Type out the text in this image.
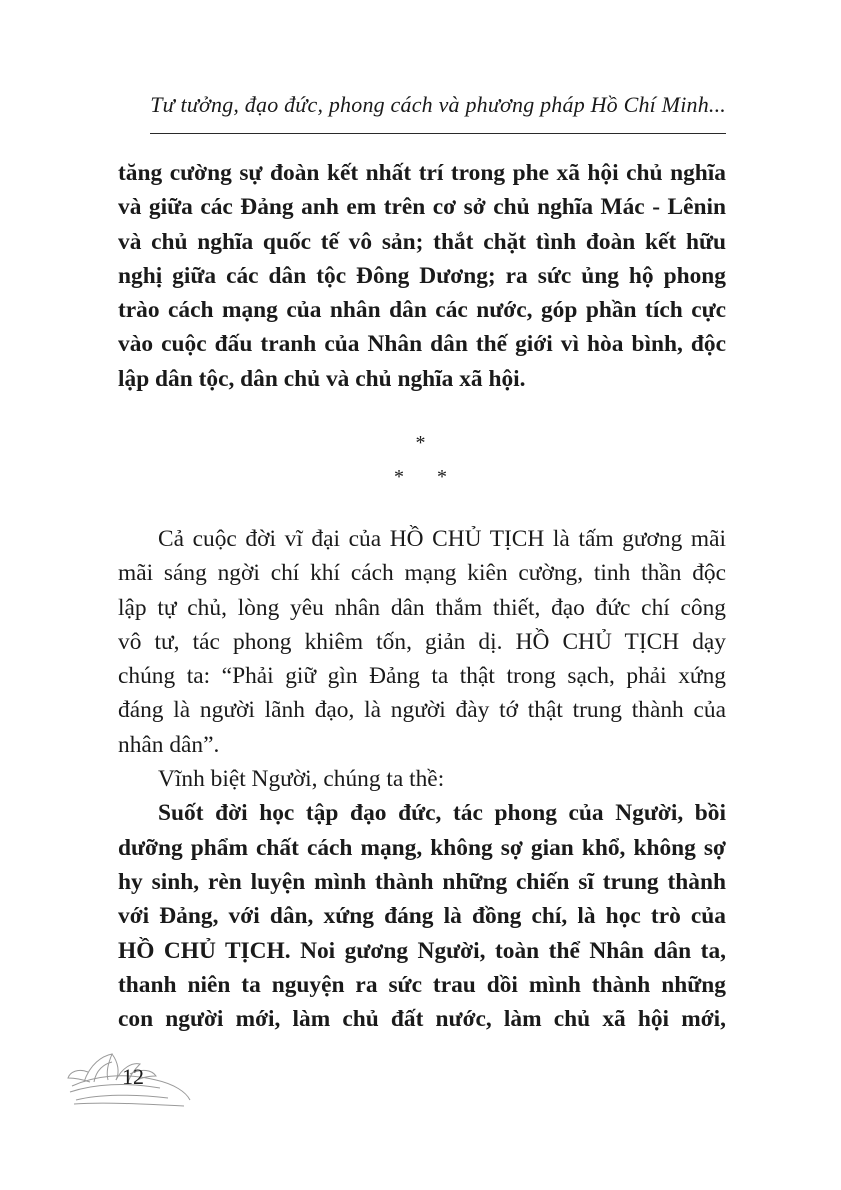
Tư tưởng, đạo đức, phong cách và phương pháp Hồ Chí Minh...
tăng cường sự đoàn kết nhất trí trong phe xã hội chủ nghĩa
và giữa các Đảng anh em trên cơ sở chủ nghĩa Mác - Lênin
và chủ nghĩa quốc tế vô sản; thắt chặt tình đoàn kết hữu
nghị giữa các dân tộc Đông Dương; ra sức ủng hộ phong
trào cách mạng của nhân dân các nước, góp phần tích cực
vào cuộc đấu tranh của Nhân dân thế giới vì hòa bình, độc
lập dân tộc, dân chủ và chủ nghĩa xã hội.
*
* *
Cả cuộc đời vĩ đại của HỒ CHỦ TỊCH là tấm gương mãi
mãi sáng ngời chí khí cách mạng kiên cường, tinh thần độc
lập tự chủ, lòng yêu nhân dân thắm thiết, đạo đức chí công
vô tư, tác phong khiêm tốn, giản dị. HỒ CHỦ TỊCH dạy
chúng ta: “Phải giữ gìn Đảng ta thật trong sạch, phải xứng
đáng là người lãnh đạo, là người đày tớ thật trung thành của
nhân dân”.
Vĩnh biệt Người, chúng ta thề:
Suốt đời học tập đạo đức, tác phong của Người, bồi
dưỡng phẩm chất cách mạng, không sợ gian khổ, không sợ
hy sinh, rèn luyện mình thành những chiến sĩ trung thành
với Đảng, với dân, xứng đáng là đồng chí, là học trò của
HỒ CHỦ TỊCH. Noi gương Người, toàn thể Nhân dân ta,
thanh niên ta nguyện ra sức trau dồi mình thành những
con người mới, làm chủ đất nước, làm chủ xã hội mới,
12
